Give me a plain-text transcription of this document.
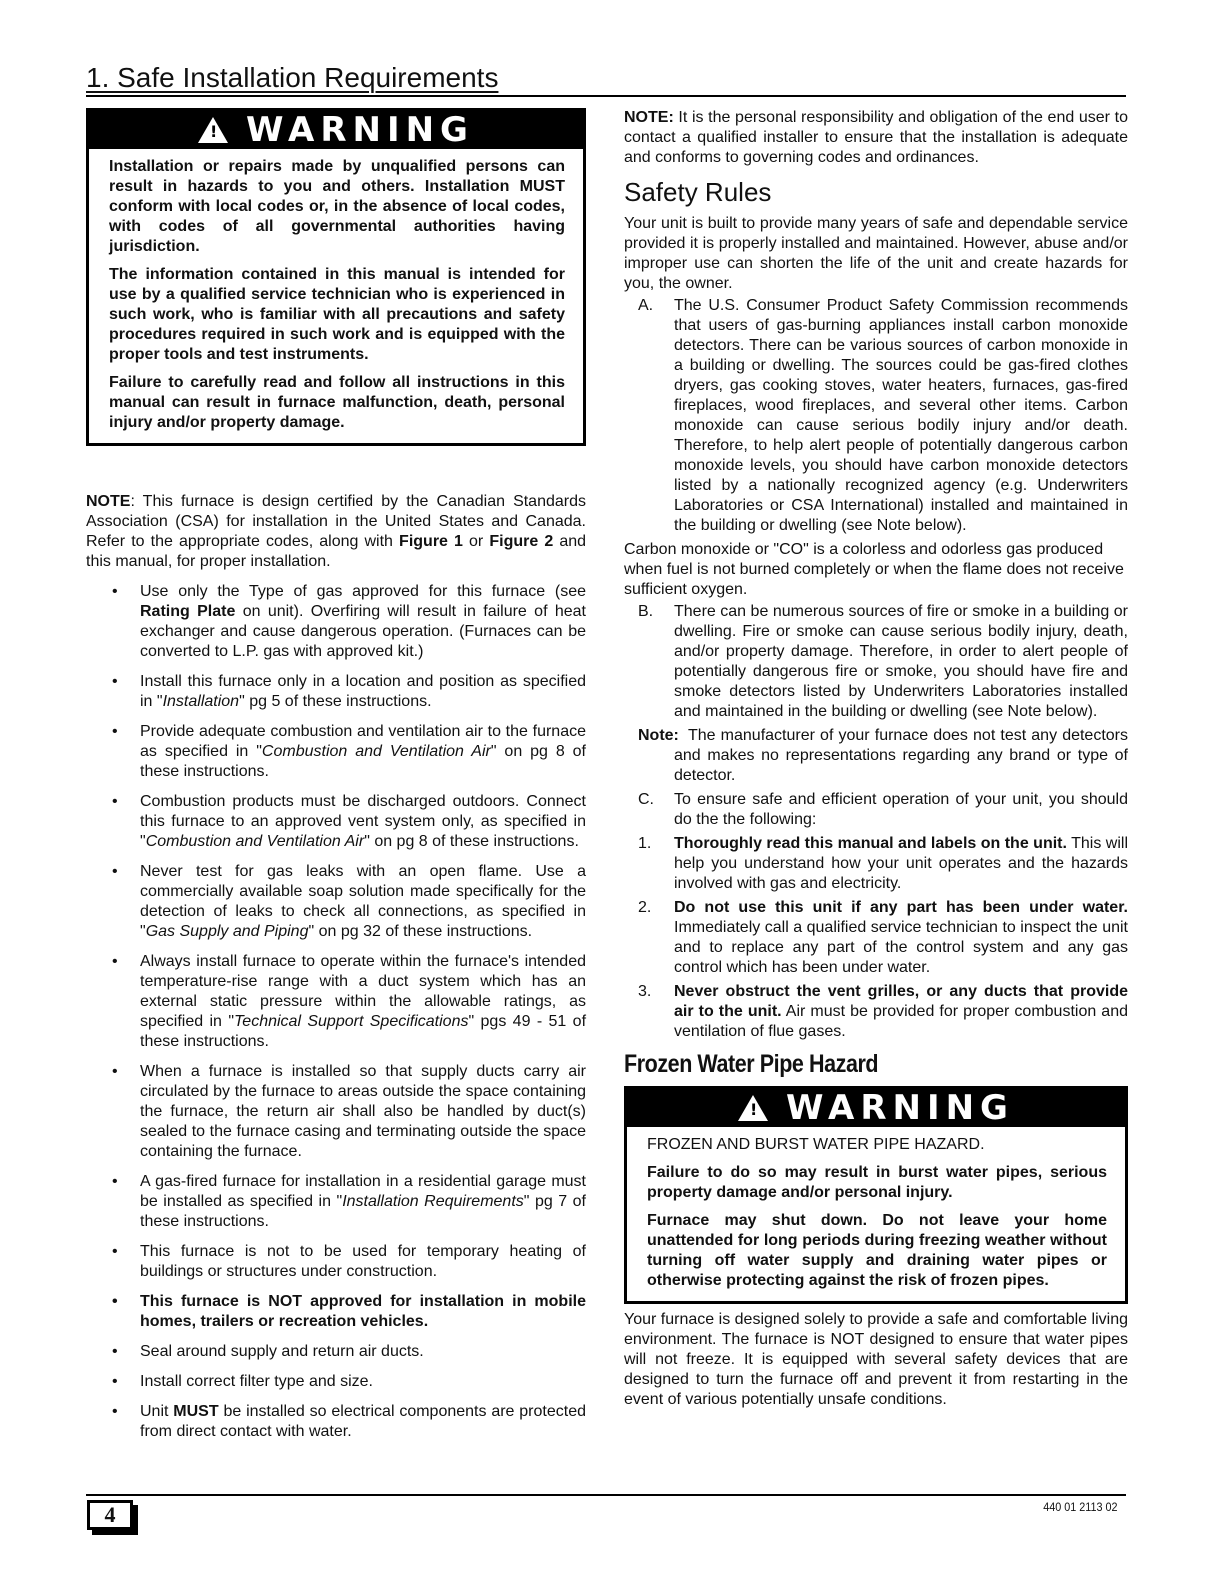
1. Safe Installation Requirements
! WARNING

Installation or repairs made by unqualified persons can result in hazards to you and others. Installation MUST conform with local codes or, in the absence of local codes, with codes of all governmental authorities having jurisdiction.

The information contained in this manual is intended for use by a qualified service technician who is experienced in such work, who is familiar with all precautions and safety procedures required in such work and is equipped with the proper tools and test instruments.

Failure to carefully read and follow all instructions in this manual can result in furnace malfunction, death, personal injury and/or property damage.

NOTE: This furnace is design certified by the Canadian Standards Association (CSA) for installation in the United States and Canada. Refer to the appropriate codes, along with Figure 1 or Figure 2 and this manual, for proper installation.

• Use only the Type of gas approved for this furnace (see Rating Plate on unit). Overfiring will result in failure of heat exchanger and cause dangerous operation. (Furnaces can be converted to L.P. gas with approved kit.)
• Install this furnace only in a location and position as specified in "Installation" pg 5 of these instructions.
• Provide adequate combustion and ventilation air to the furnace as specified in "Combustion and Ventilation Air" on pg 8 of these instructions.
• Combustion products must be discharged outdoors. Connect this furnace to an approved vent system only, as specified in "Combustion and Ventilation Air" on pg 8 of these instructions.
• Never test for gas leaks with an open flame. Use a commercially available soap solution made specifically for the detection of leaks to check all connections, as specified in "Gas Supply and Piping" on pg 32 of these instructions.
• Always install furnace to operate within the furnace's intended temperature-rise range with a duct system which has an external static pressure within the allowable ratings, as specified in "Technical Support Specifications" pgs 49 - 51 of these instructions.
• When a furnace is installed so that supply ducts carry air circulated by the furnace to areas outside the space containing the furnace, the return air shall also be handled by duct(s) sealed to the furnace casing and terminating outside the space containing the furnace.
• A gas-fired furnace for installation in a residential garage must be installed as specified in "Installation Requirements" pg 7 of these instructions.
• This furnace is not to be used for temporary heating of buildings or structures under construction.
• This furnace is NOT approved for installation in mobile homes, trailers or recreation vehicles.
• Seal around supply and return air ducts.
• Install correct filter type and size.
• Unit MUST be installed so electrical components are protected from direct contact with water.

NOTE: It is the personal responsibility and obligation of the end user to contact a qualified installer to ensure that the installation is adequate and conforms to governing codes and ordinances.

Safety Rules

Your unit is built to provide many years of safe and dependable service provided it is properly installed and maintained. However, abuse and/or improper use can shorten the life of the unit and create hazards for you, the owner.

A. The U.S. Consumer Product Safety Commission recommends that users of gas-burning appliances install carbon monoxide detectors. There can be various sources of carbon monoxide in a building or dwelling. The sources could be gas-fired clothes dryers, gas cooking stoves, water heaters, furnaces, gas-fired fireplaces, wood fireplaces, and several other items. Carbon monoxide can cause serious bodily injury and/or death. Therefore, to help alert people of potentially dangerous carbon monoxide levels, you should have carbon monoxide detectors listed by a nationally recognized agency (e.g. Underwriters Laboratories or CSA International) installed and maintained in the building or dwelling (see Note below).

Carbon monoxide or "CO" is a colorless and odorless gas produced when fuel is not burned completely or when the flame does not receive sufficient oxygen.

B. There can be numerous sources of fire or smoke in a building or dwelling. Fire or smoke can cause serious bodily injury, death, and/or property damage. Therefore, in order to alert people of potentially dangerous fire or smoke, you should have fire and smoke detectors listed by Underwriters Laboratories installed and maintained in the building or dwelling (see Note below).

Note: The manufacturer of your furnace does not test any detectors and makes no representations regarding any brand or type of detector.

C. To ensure safe and efficient operation of your unit, you should do the the following:
1. Thoroughly read this manual and labels on the unit. This will help you understand how your unit operates and the hazards involved with gas and electricity.
2. Do not use this unit if any part has been under water. Immediately call a qualified service technician to inspect the unit and to replace any part of the control system and any gas control which has been under water.
3. Never obstruct the vent grilles, or any ducts that provide air to the unit. Air must be provided for proper combustion and ventilation of flue gases.
Frozen Water Pipe Hazard
! WARNING

FROZEN AND BURST WATER PIPE HAZARD.

Failure to do so may result in burst water pipes, serious property damage and/or personal injury.

Furnace may shut down. Do not leave your home unattended for long periods during freezing weather without turning off water supply and draining water pipes or otherwise protecting against the risk of frozen pipes.

Your furnace is designed solely to provide a safe and comfortable living environment. The furnace is NOT designed to ensure that water pipes will not freeze. It is equipped with several safety devices that are designed to turn the furnace off and prevent it from restarting in the event of various potentially unsafe conditions.

4	440 01 2113 02
